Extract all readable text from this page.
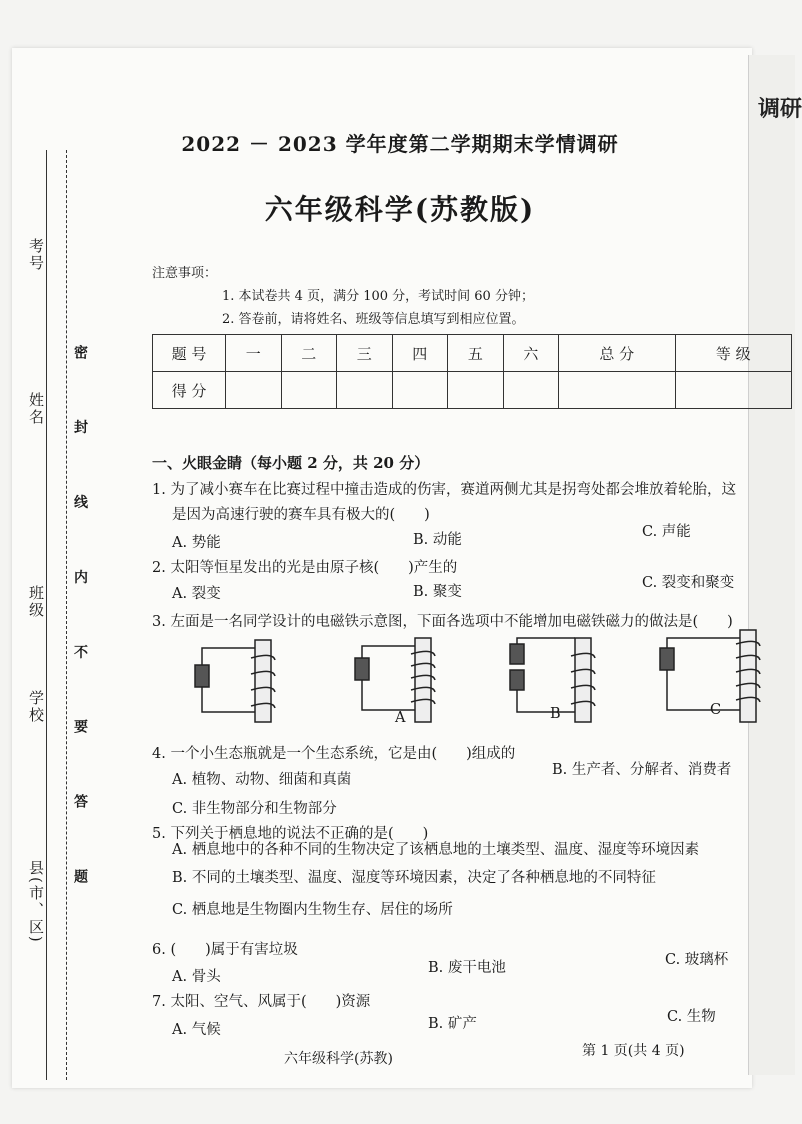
调研
考号
姓名
班级
学校
县(市、区) 密 封 线 内 不 要 答 题
2022 － 2023 学年度第二学期期末学情调研
六年级科学(苏教版)
注意事项：
1. 本试卷共 4 页，满分 100 分，考试时间 60 分钟；
2. 答卷前，请将姓名、班级等信息填写到相应位置。
题 号	一	二	三	四	五	六	总 分	等 级
得 分								
一、火眼金睛（每小题 2 分，共 20 分）
1. 为了减小赛车在比赛过程中撞击造成的伤害，赛道两侧尤其是拐弯处都会堆放着轮胎，这
是因为高速行驶的赛车具有极大的(　　)
A. 势能	B. 动能	C. 声能
2. 太阳等恒星发出的光是由原子核(　　)产生的
A. 裂变	B. 聚变
C. 裂变和聚变
3. 左面是一名同学设计的电磁铁示意图，下面各选项中不能增加电磁铁磁力的做法是(　　)
A	B	C
4. 一个小生态瓶就是一个生态系统，它是由(　　)组成的
A. 植物、动物、细菌和真菌
B. 生产者、分解者、消费者
C. 非生物部分和生物部分
5. 下列关于栖息地的说法不正确的是(　　)
A. 栖息地中的各种不同的生物决定了该栖息地的土壤类型、温度、湿度等环境因素
B. 不同的土壤类型、温度、湿度等环境因素，决定了各种栖息地的不同特征
C. 栖息地是生物圈内生物生存、居住的场所
6. (　　)属于有害垃圾
A. 骨头
B. 废干电池	C. 玻璃杯
7. 太阳、空气、风属于(　　)资源
A. 气候	B. 矿产	C. 生物
六年级科学(苏教)	第 1 页(共 4 页)
